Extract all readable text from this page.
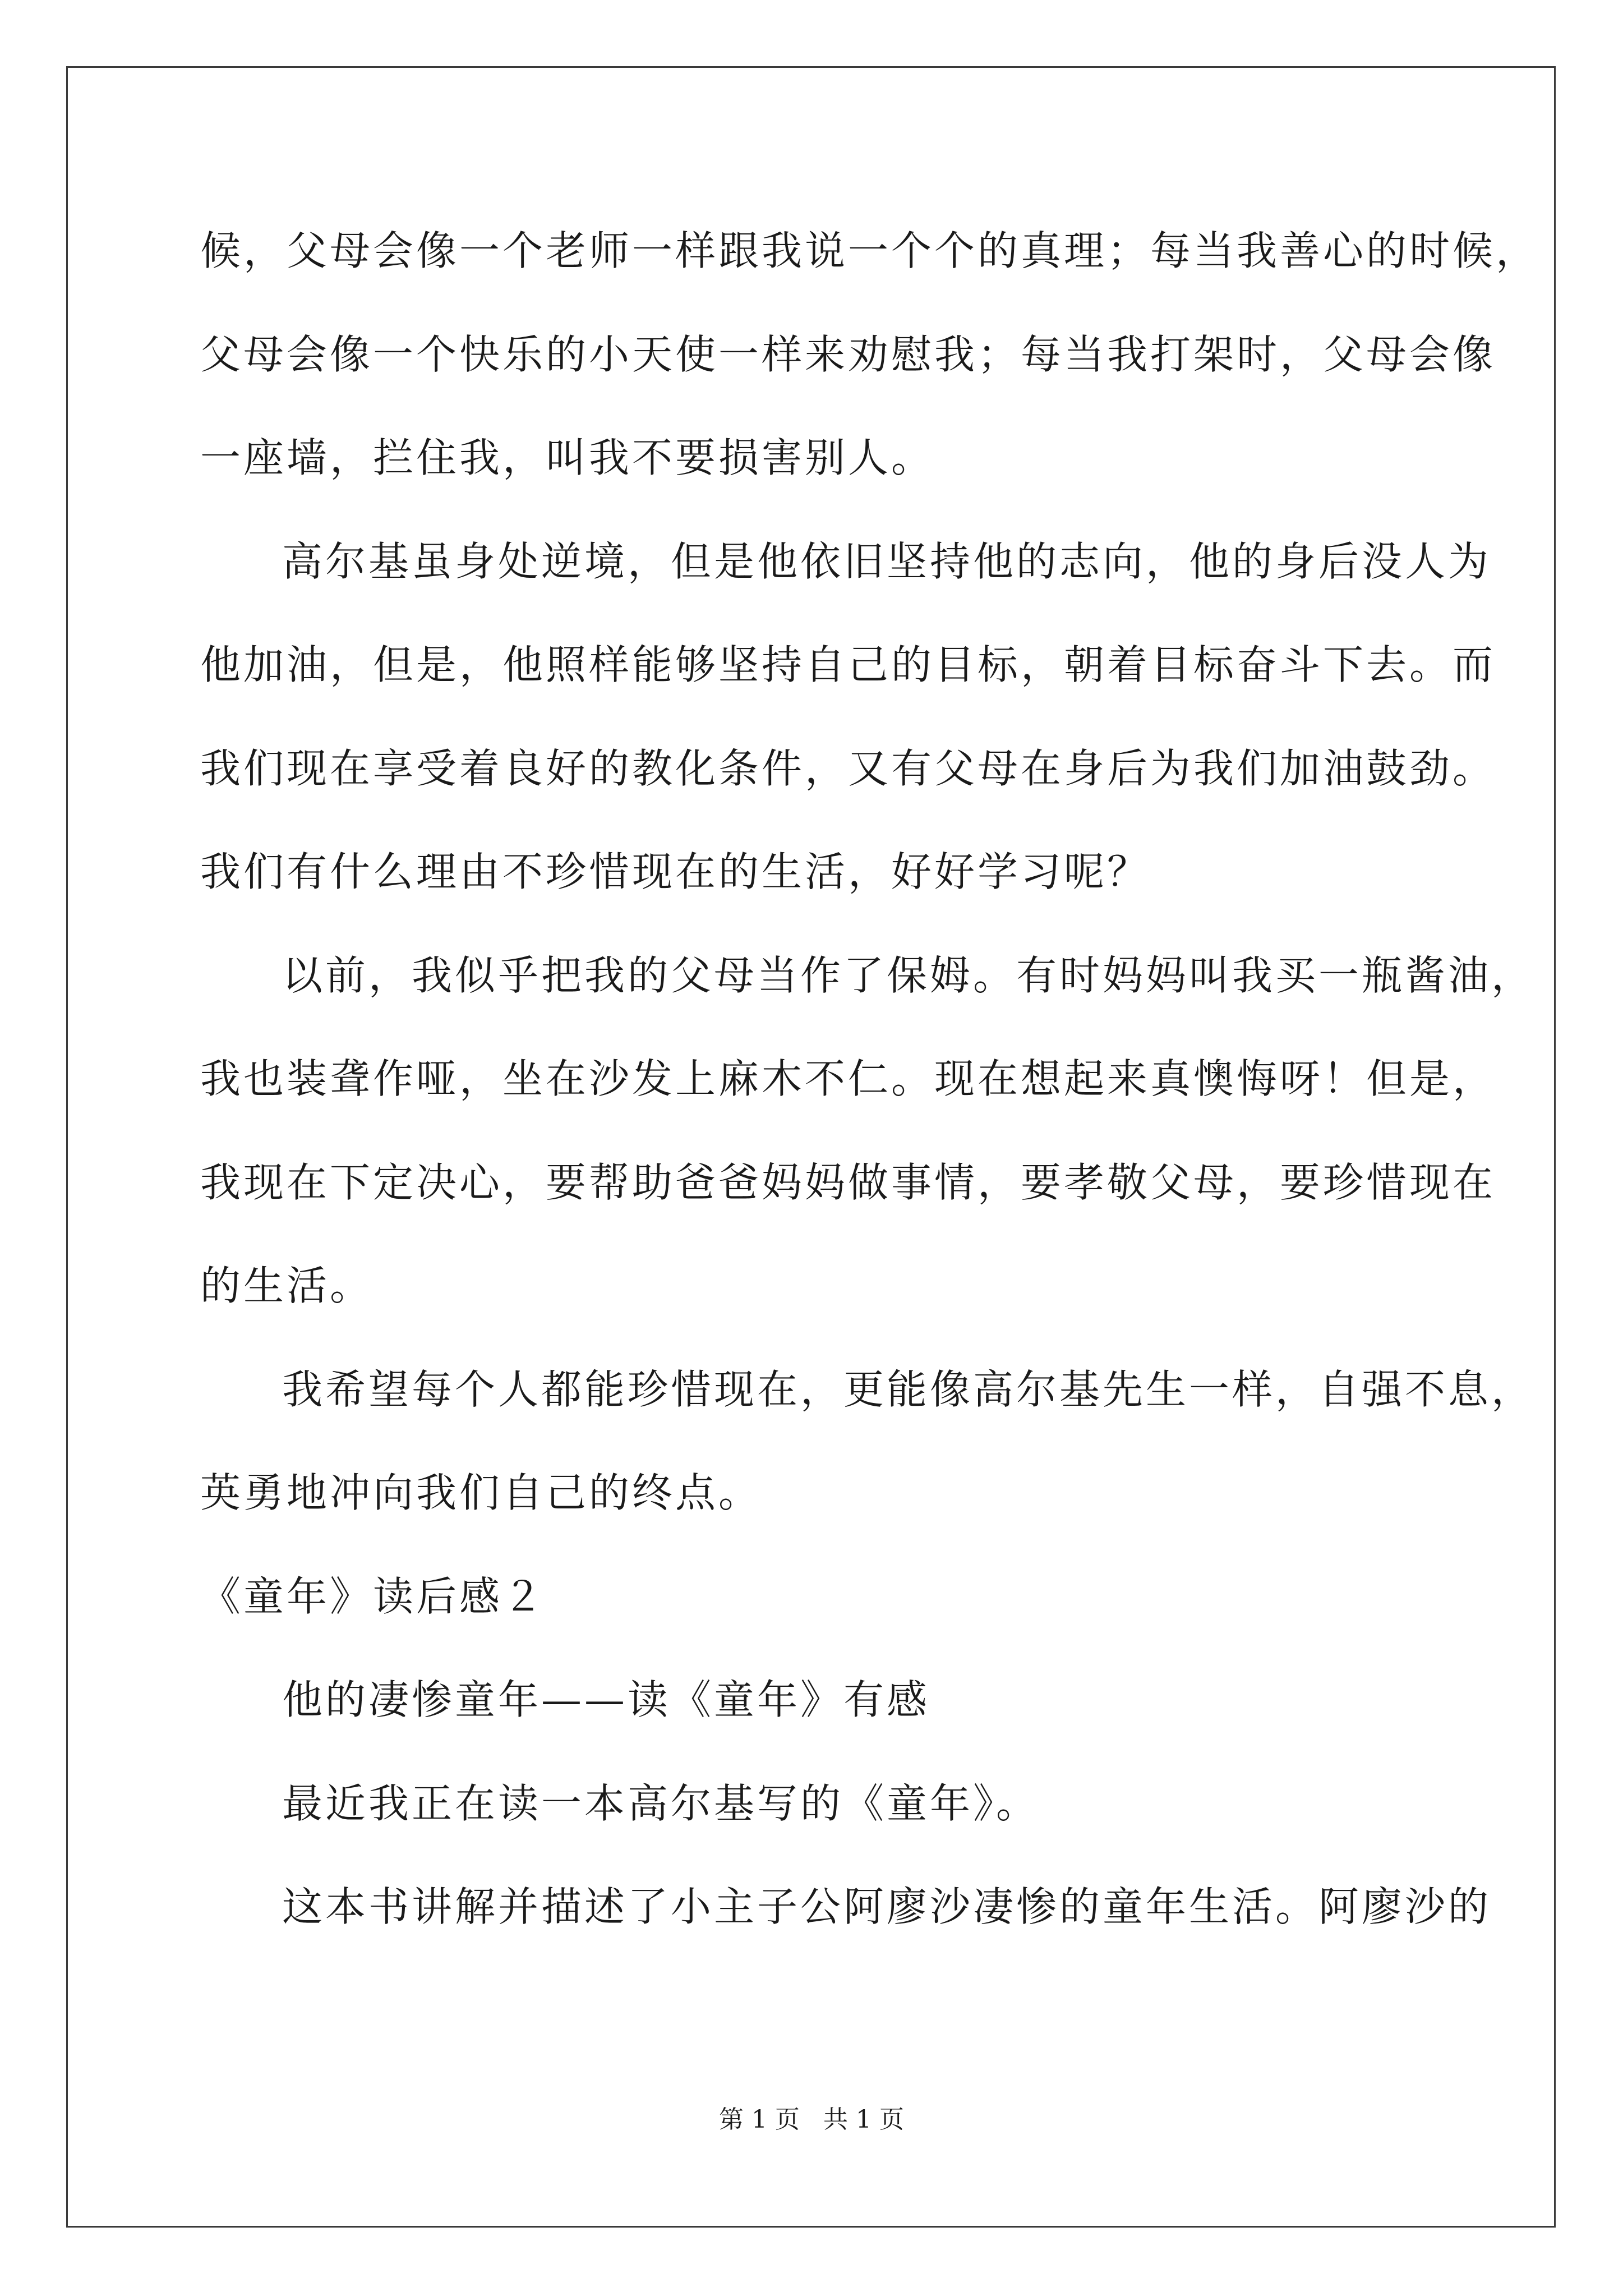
候，父母会像一个老师一样跟我说一个个的真理；每当我善心的时候，

父母会像一个快乐的小天使一样来劝慰我；每当我打架时，父母会像

一座墙，拦住我，叫我不要损害别人。

高尔基虽身处逆境，但是他依旧坚持他的志向，他的身后没人为

他加油，但是，他照样能够坚持自己的目标，朝着目标奋斗下去。而

我们现在享受着良好的教化条件，又有父母在身后为我们加油鼓劲。

我们有什么理由不珍惜现在的生活，好好学习呢？

以前，我似乎把我的父母当作了保姆。有时妈妈叫我买一瓶酱油，

我也装聋作哑，坐在沙发上麻木不仁。现在想起来真懊悔呀！但是，

我现在下定决心，要帮助爸爸妈妈做事情，要孝敬父母，要珍惜现在

的生活。

我希望每个人都能珍惜现在，更能像高尔基先生一样，自强不息，

英勇地冲向我们自己的终点。

《童年》读后感２

他的凄惨童年——读《童年》有感

最近我正在读一本高尔基写的《童年》。

这本书讲解并描述了小主子公阿廖沙凄惨的童年生活。阿廖沙的

第 1 页 共 1 页
